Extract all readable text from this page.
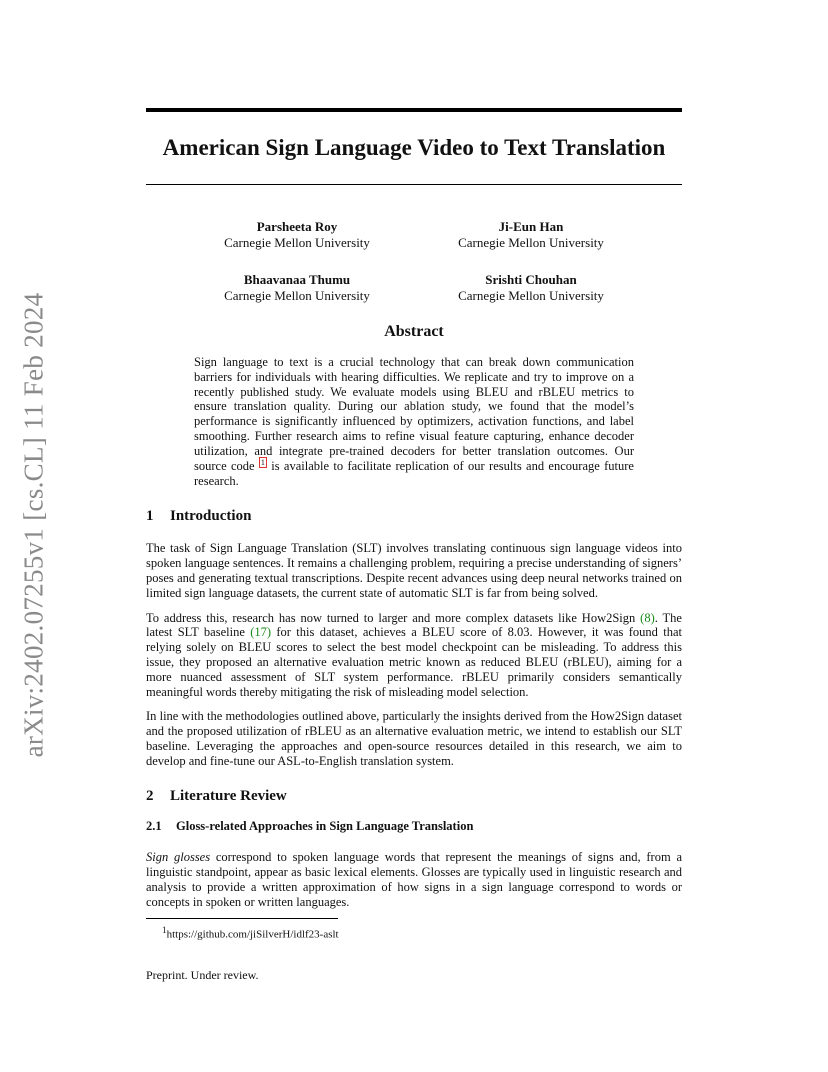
arXiv:2402.07255v1 [cs.CL] 11 Feb 2024
American Sign Language Video to Text Translation
Parsheeta Roy
Carnegie Mellon University
Ji-Eun Han
Carnegie Mellon University
Bhaavanaa Thumu
Carnegie Mellon University
Srishti Chouhan
Carnegie Mellon University
Abstract
Sign language to text is a crucial technology that can break down communication barriers for individuals with hearing difficulties. We replicate and try to improve on a recently published study. We evaluate models using BLEU and rBLEU metrics to ensure translation quality. During our ablation study, we found that the model’s performance is significantly influenced by optimizers, activation functions, and label smoothing. Further research aims to refine visual feature capturing, enhance decoder utilization, and integrate pre-trained decoders for better translation outcomes. Our source code $^1$ is available to facilitate replication of our results and encourage future research.
1 Introduction
The task of Sign Language Translation (SLT) involves translating continuous sign language videos into spoken language sentences. It remains a challenging problem, requiring a precise understanding of signers’ poses and generating textual transcriptions. Despite recent advances using deep neural networks trained on limited sign language datasets, the current state of automatic SLT is far from being solved.
To address this, research has now turned to larger and more complex datasets like How2Sign (8). The latest SLT baseline (17) for this dataset, achieves a BLEU score of 8.03. However, it was found that relying solely on BLEU scores to select the best model checkpoint can be misleading. To address this issue, they proposed an alternative evaluation metric known as reduced BLEU (rBLEU), aiming for a more nuanced assessment of SLT system performance. rBLEU primarily considers semantically meaningful words thereby mitigating the risk of misleading model selection.
In line with the methodologies outlined above, particularly the insights derived from the How2Sign dataset and the proposed utilization of rBLEU as an alternative evaluation metric, we intend to establish our SLT baseline. Leveraging the approaches and open-source resources detailed in this research, we aim to develop and fine-tune our ASL-to-English translation system.
2 Literature Review
2.1 Gloss-related Approaches in Sign Language Translation
Sign glosses correspond to spoken language words that represent the meanings of signs and, from a linguistic standpoint, appear as basic lexical elements. Glosses are typically used in linguistic research and analysis to provide a written approximation of how signs in a sign language correspond to words or concepts in spoken or written languages.
$^1$https://github.com/jiSilverH/idlf23-aslt
Preprint. Under review.
